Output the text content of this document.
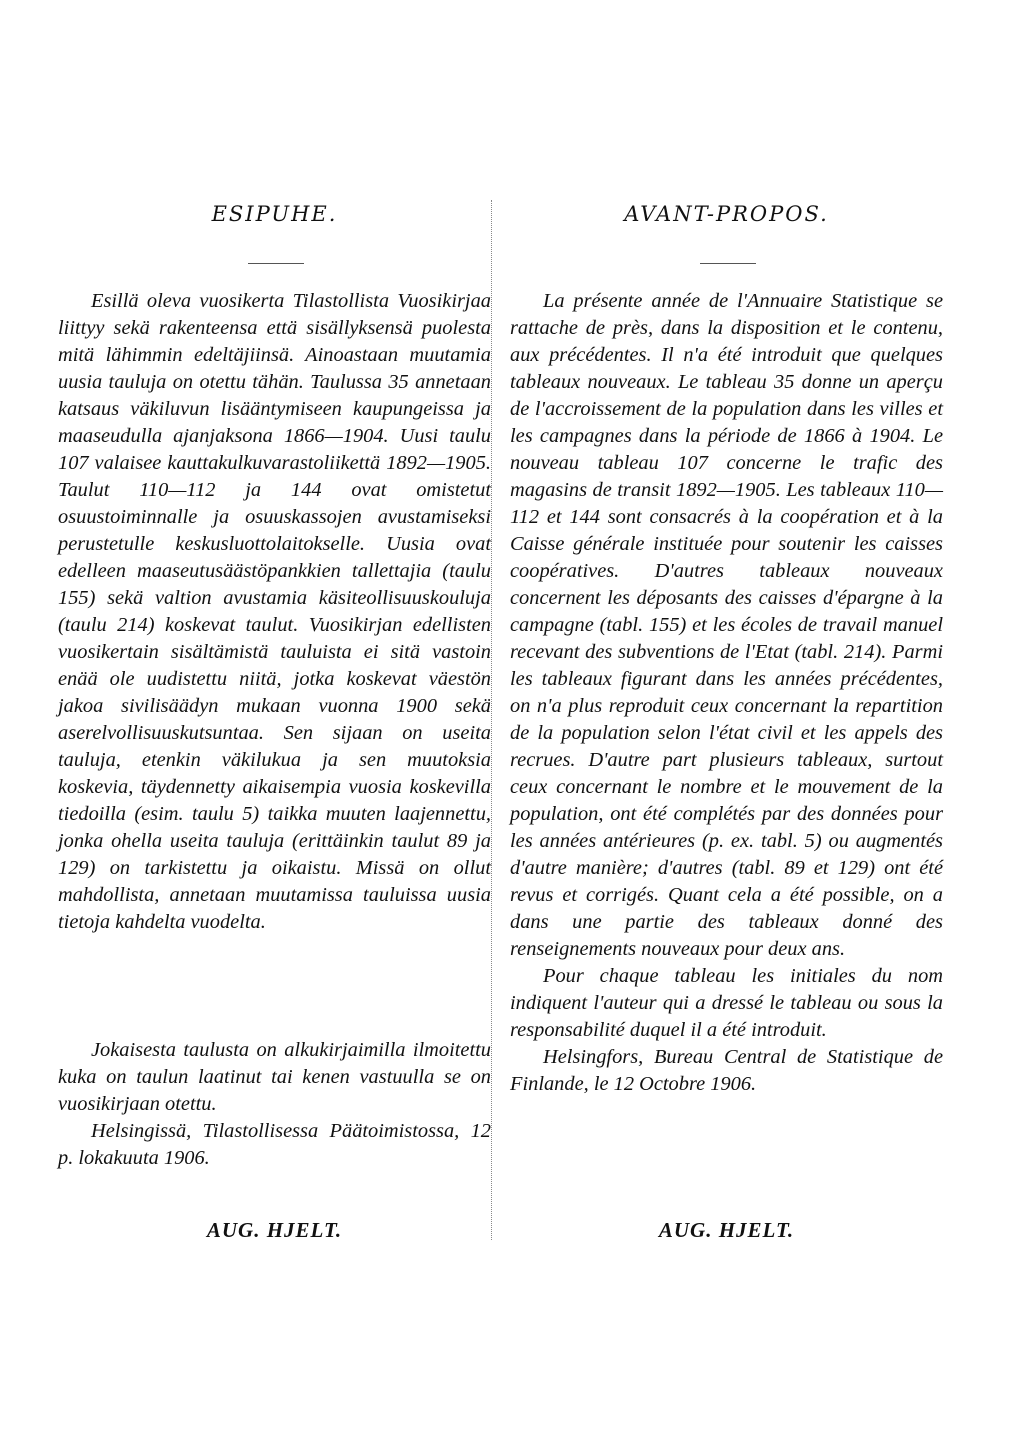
ESIPUHE.

Esillä oleva vuosikerta Tilastollista Vuosikirjaa liittyy sekä rakenteensa että sisällyksensä puolesta mitä lähimmin edeltäjiinsä. Ainoastaan muutamia uusia tauluja on otettu tähän. Taulussa 35 annetaan katsaus väkiluvun lisääntymiseen kaupungeissa ja maaseudulla ajanjaksona 1866—1904. Uusi taulu 107 valaisee kauttakulkuvarastoliikettä 1892—1905. Taulut 110—112 ja 144 ovat omistetut osuustoiminnalle ja osuuskassojen avustamiseksi perustetulle keskusluottolaitokselle. Uusia ovat edelleen maaseutusäästöpankkien tallettajia (taulu 155) sekä valtion avustamia käsiteollisuuskouluja (taulu 214) koskevat taulut. Vuosikirjan edellisten vuosikertain sisältämistä tauluista ei sitä vastoin enää ole uudistettu niitä, jotka koskevat väestön jakoa sivilisäädyn mukaan vuonna 1900 sekä aserelvollisuuskutsuntaa. Sen sijaan on useita tauluja, etenkin väkilukua ja sen muutoksia koskevia, täydennetty aikaisempia vuosia koskevilla tiedoilla (esim. taulu 5) taikka muuten laajennettu, jonka ohella useita tauluja (erittäinkin taulut 89 ja 129) on tarkistettu ja oikaistu. Missä on ollut mahdollista, annetaan muutamissa tauluissa uusia tietoja kahdelta vuodelta.

Jokaisesta taulusta on alkukirjaimilla ilmoitettu kuka on taulun laatinut tai kenen vastuulla se on vuosikirjaan otettu.

Helsingissä, Tilastollisessa Päätoimistossa, 12 p. lokakuuta 1906.

AUG. HJELT.
AVANT-PROPOS.

La présente année de l'Annuaire Statistique se rattache de près, dans la disposition et le contenu, aux précédentes. Il n'a été introduit que quelques tableaux nouveaux. Le tableau 35 donne un aperçu de l'accroissement de la population dans les villes et les campagnes dans la période de 1866 à 1904. Le nouveau tableau 107 concerne le trafic des magasins de transit 1892—1905. Les tableaux 110—112 et 144 sont consacrés à la coopération et à la Caisse générale instituée pour soutenir les caisses coopératives. D'autres tableaux nouveaux concernent les déposants des caisses d'épargne à la campagne (tabl. 155) et les écoles de travail manuel recevant des subventions de l'Etat (tabl. 214). Parmi les tableaux figurant dans les années précédentes, on n'a plus reproduit ceux concernant la repartition de la population selon l'état civil et les appels des recrues. D'autre part plusieurs tableaux, surtout ceux concernant le nombre et le mouvement de la population, ont été complétés par des données pour les années antérieures (p. ex. tabl. 5) ou augmentés d'autre manière; d'autres (tabl. 89 et 129) ont été revus et corrigés. Quant cela a été possible, on a dans une partie des tableaux donné des renseignements nouveaux pour deux ans.

Pour chaque tableau les initiales du nom indiquent l'auteur qui a dressé le tableau ou sous la responsabilité duquel il a été introduit.

Helsingfors, Bureau Central de Statistique de Finlande, le 12 Octobre 1906.

AUG. HJELT.
